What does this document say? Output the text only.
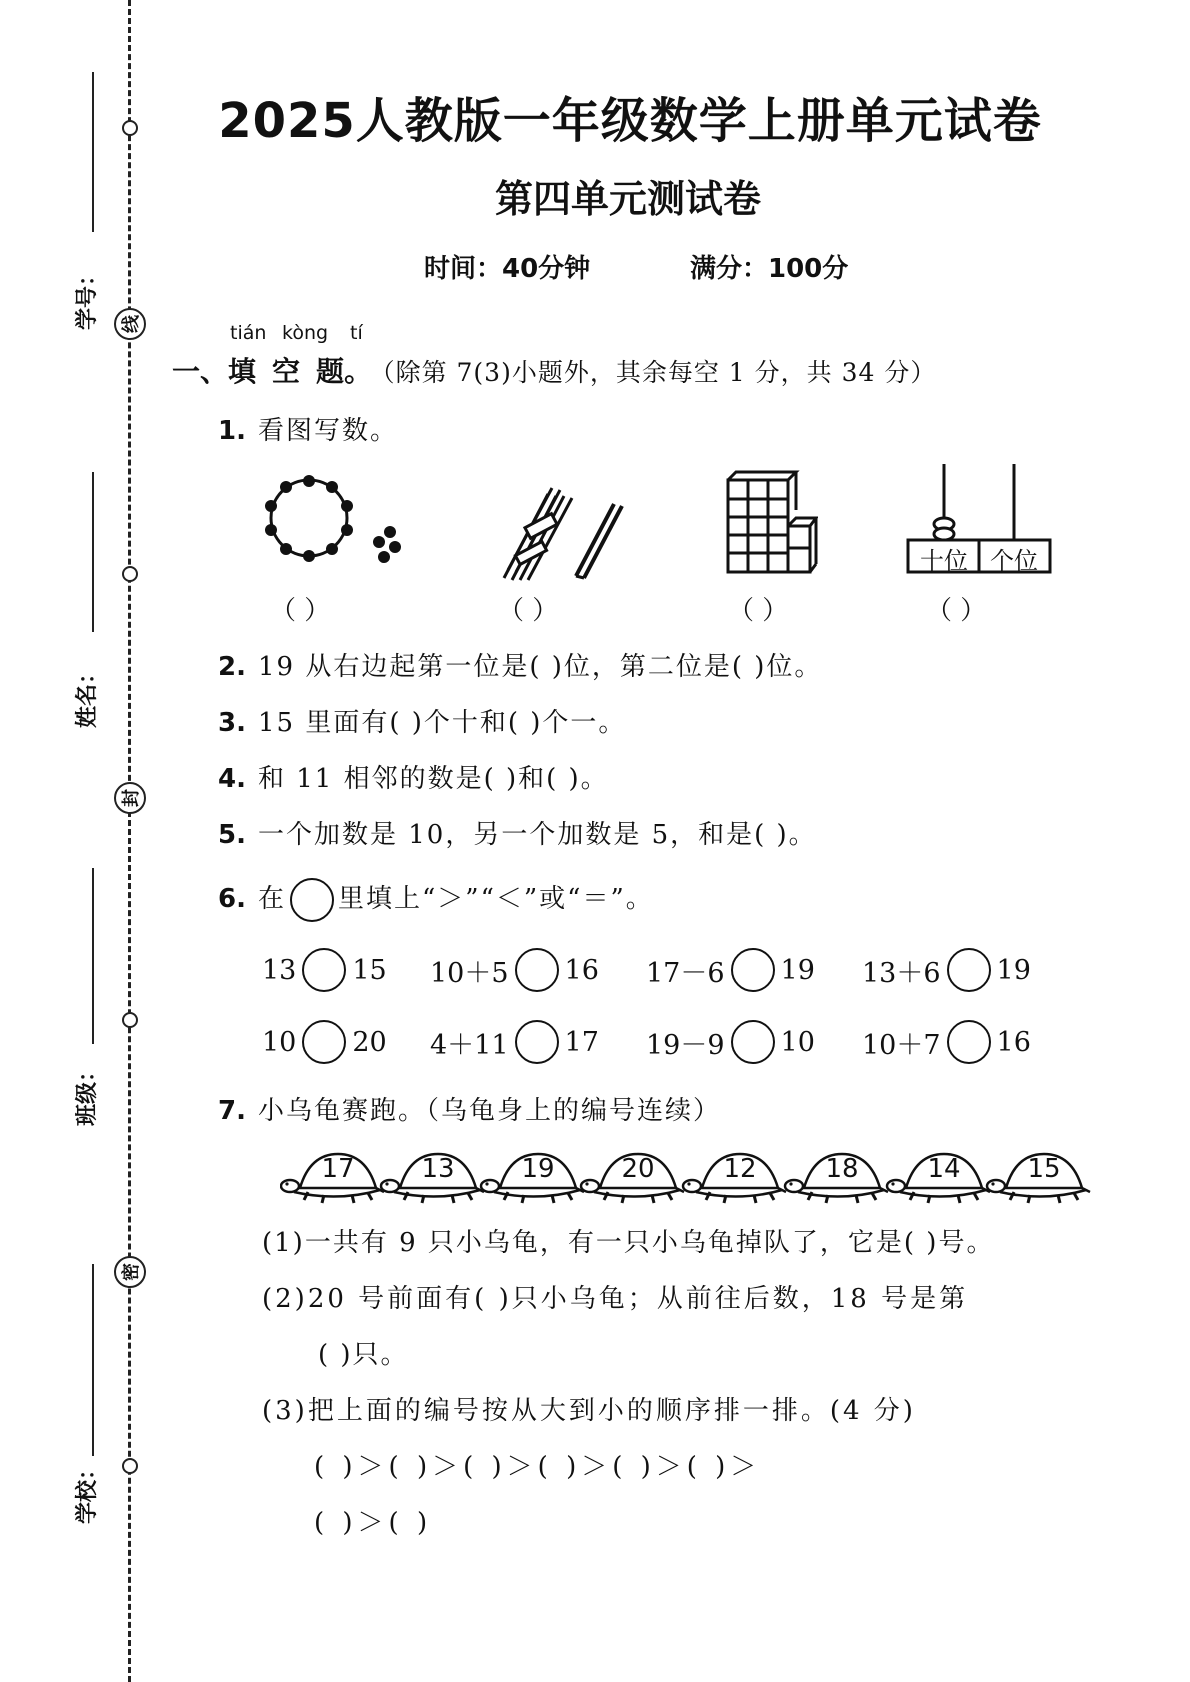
线
封
密
学号：
姓名：
班级：
学校：
2025人教版一年级数学上册单元试卷
第四单元测试卷
时间：40分钟	满分：100分
tián kòng tí
一、填空题。 （除第 7(3)小题外，其余每空 1 分，共 34 分）
1. 看图写数。
十位 个位
（ ）	（ ）	（ ）	（ ）
2. 19 从右边起第一位是( )位，第二位是( )位。
3. 15 里面有( )个十和( )个一。
4. 和 11 相邻的数是( )和( )。
5. 一个加数是 10，另一个加数是 5，和是( )。
6. 在 里填上“＞”“＜”或“＝”。
13 15 10＋5 16 17－6 19 13＋6 19
10 20 4＋11 17 19－9 10 10＋7 16
7. 小乌龟赛跑。（乌龟身上的编号连续）
17	13	19	20	12	18	14	15
(1)一共有 9 只小乌龟，有一只小乌龟掉队了，它是( )号。
(2)20 号前面有( )只小乌龟；从前往后数，18 号是第
( )只。
(3)把上面的编号按从大到小的顺序排一排。(4 分)
( )＞( )＞( )＞( )＞( )＞( )＞
( )＞( )
